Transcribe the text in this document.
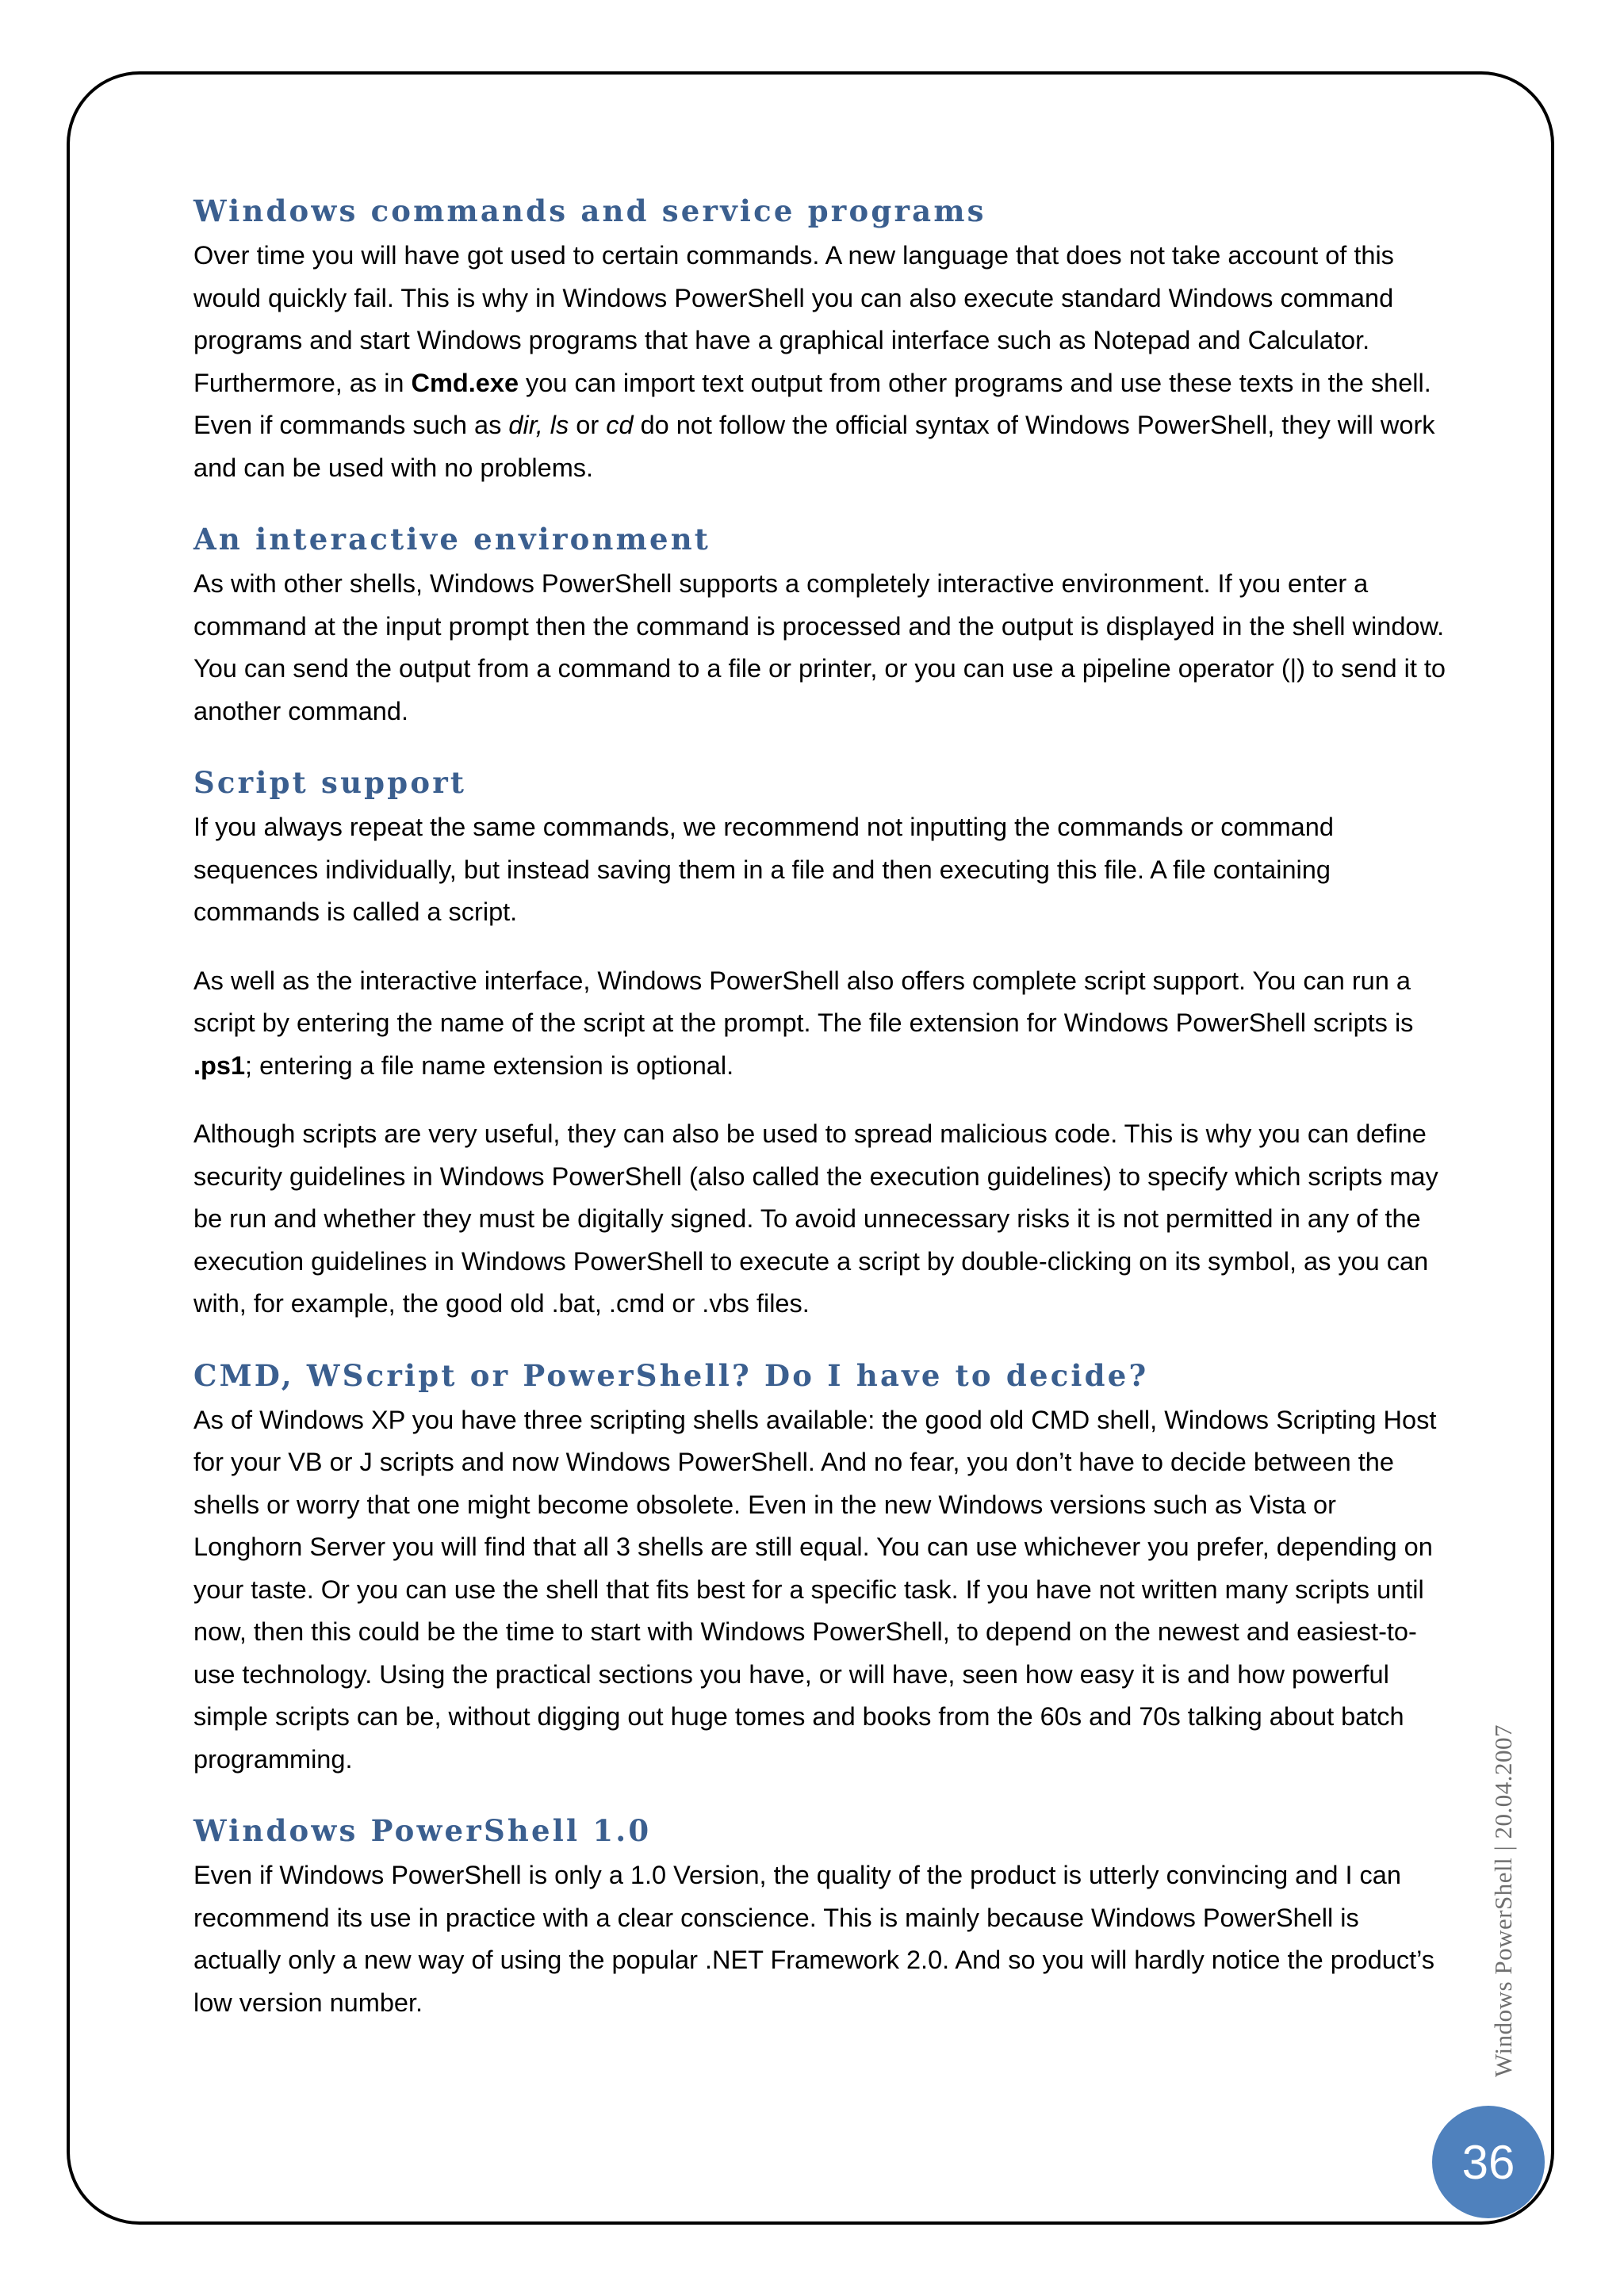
Windows commands and service programs

Over time you will have got used to certain commands. A new language that does not take account of this would quickly fail. This is why in Windows PowerShell you can also execute standard Windows command programs and start Windows programs that have a graphical interface such as Notepad and Calculator. Furthermore, as in Cmd.exe you can import text output from other programs and use these texts in the shell. Even if commands such as dir, ls or cd do not follow the official syntax of Windows PowerShell, they will work and can be used with no problems.

An interactive environment

As with other shells, Windows PowerShell supports a completely interactive environment. If you enter a command at the input prompt then the command is processed and the output is displayed in the shell window. You can send the output from a command to a file or printer, or you can use a pipeline operator (|) to send it to another command.

Script support

If you always repeat the same commands, we recommend not inputting the commands or command sequences individually, but instead saving them in a file and then executing this file. A file containing commands is called a script.

As well as the interactive interface, Windows PowerShell also offers complete script support. You can run a script by entering the name of the script at the prompt. The file extension for Windows PowerShell scripts is .ps1; entering a file name extension is optional.

Although scripts are very useful, they can also be used to spread malicious code. This is why you can define security guidelines in Windows PowerShell (also called the execution guidelines) to specify which scripts may be run and whether they must be digitally signed. To avoid unnecessary risks it is not permitted in any of the execution guidelines in Windows PowerShell to execute a script by double-clicking on its symbol, as you can with, for example, the good old .bat, .cmd or .vbs files.

CMD, WScript or PowerShell? Do I have to decide?

As of Windows XP you have three scripting shells available: the good old CMD shell, Windows Scripting Host for your VB or J scripts and now Windows PowerShell. And no fear, you don’t have to decide between the shells or worry that one might become obsolete. Even in the new Windows versions such as Vista or Longhorn Server you will find that all 3 shells are still equal. You can use whichever you prefer, depending on your taste. Or you can use the shell that fits best for a specific task. If you have not written many scripts until now, then this could be the time to start with Windows PowerShell, to depend on the newest and easiest-to-use technology. Using the practical sections you have, or will have, seen how easy it is and how powerful simple scripts can be, without digging out huge tomes and books from the 60s and 70s talking about batch programming.

Windows PowerShell 1.0

Even if Windows PowerShell is only a 1.0 Version, the quality of the product is utterly convincing and I can recommend its use in practice with a clear conscience. This is mainly because Windows PowerShell is actually only a new way of using the popular .NET Framework 2.0. And so you will hardly notice the product’s low version number.	Windows PowerShell | 20.04.2007
36
